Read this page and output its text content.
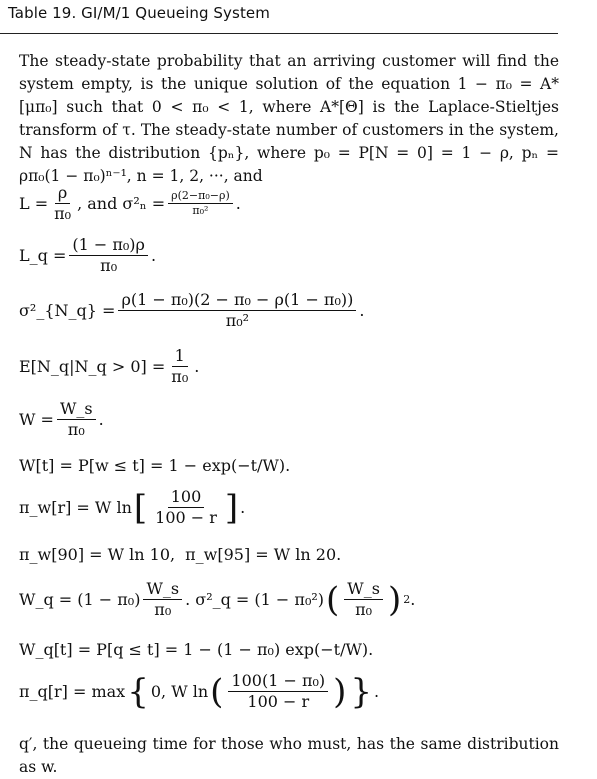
Table 19. GI/M/1 Queueing System
The steady-state probability that an arriving customer will find the system empty, is the unique solution of the equation 1 − π₀ = A*[μπ₀] such that 0 < π₀ < 1, where A*[Θ] is the Laplace-Stieltjes transform of τ. The steady-state number of customers in the system, N has the distribution {pₙ}, where p₀ = P[N = 0] = 1 − ρ, pₙ = ρπ₀(1 − π₀)ⁿ⁻¹, n = 1, 2, ···, and
$L = \frac{\rho}{\text{π₀}}$ , and $\sigma^2_n = \frac{\text{ρ(2−π₀−ρ)}}{\text{π₀²}}$ .
L_q = $\frac{\text{(1 − π₀)ρ}}{\text{π₀}}$ .
σ²_{N_q} = $\frac{\text{ρ(1 − π₀)(2 − π₀ − ρ(1 − π₀))}}{\text{π₀²}}$ .
E[N_q|N_q > $0] = \frac{1}{\text{π₀}}$ .
$W = \frac{W\_s}{\text{π₀}}$ .
W[t] = P[w ≤ t] = 1 − exp(−t/W).
π_w[r] = W ln [ $\frac{100}{100 - r}$ ] .
π_w[90] = W ln 10, π_w[95] = W ln 20.
W_q = $(1 - \pi_0) \frac{W\_s}{\text{π₀}}$ . σ²_q = (1 − π₀²) ( $\frac{W\_s}{\text{π₀}}$ ) 2 .
W_q[t] = P[q ≤ t] = 1 − (1 − π₀) exp(−t/W).
π_q[r] = max { 0, W ln ( $\frac{\text{100(1 − π₀)}}{100 - r}$ ) } .
q′, the queueing time for those who must, has the same distribution as w.
